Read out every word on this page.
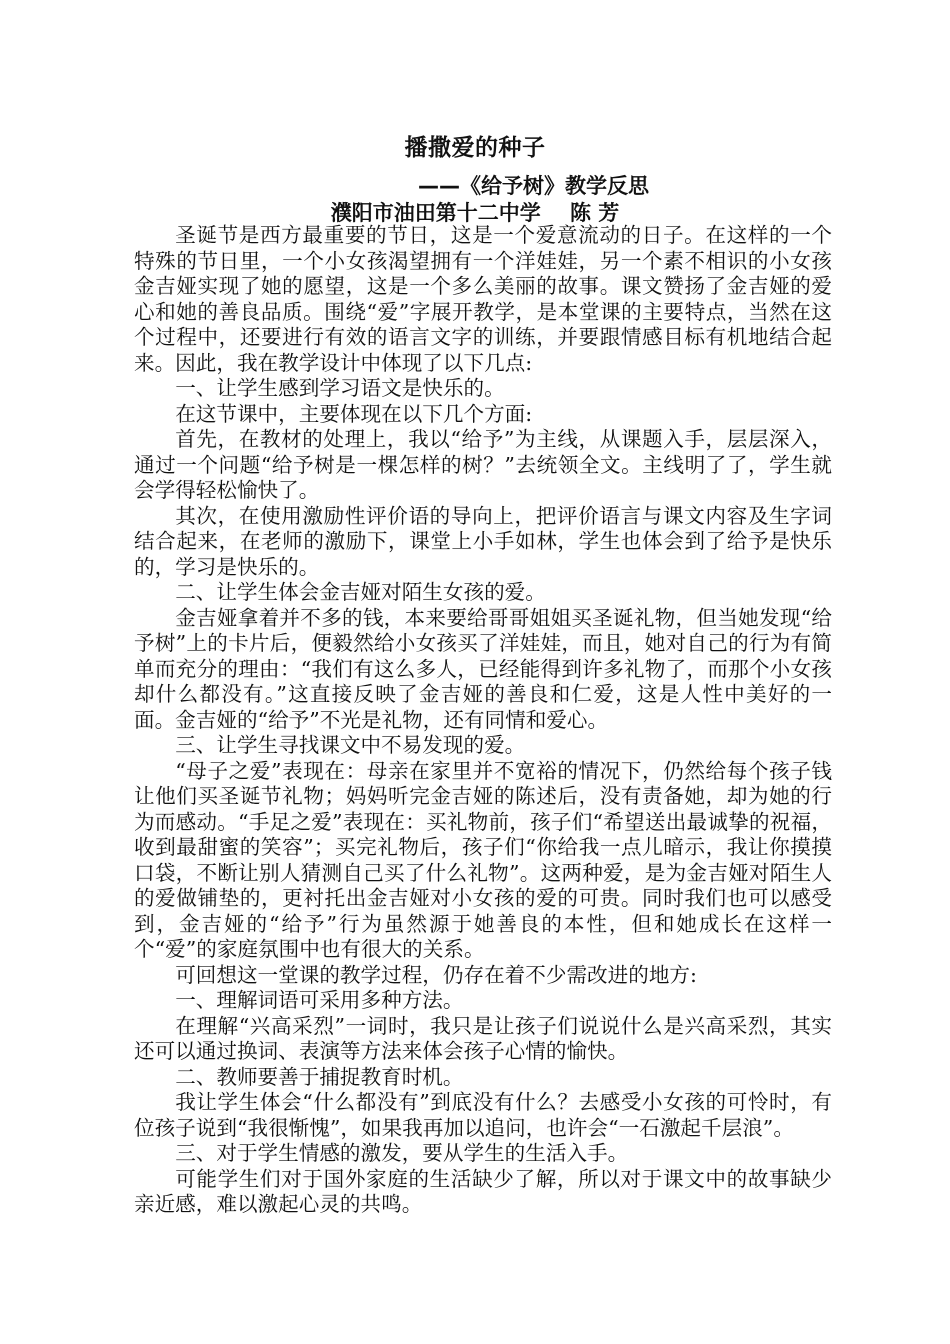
播撒爱的种子
——《给予树》教学反思
濮阳市油田第十二中学    陈 芳

圣诞节是西方最重要的节日，这是一个爱意流动的日子。在这样的一个特殊的节日里，一个小女孩渴望拥有一个洋娃娃，另一个素不相识的小女孩金吉娅实现了她的愿望，这是一个多么美丽的故事。课文赞扬了金吉娅的爱心和她的善良品质。围绕“爱”字展开教学，是本堂课的主要特点，当然在这个过程中，还要进行有效的语言文字的训练，并要跟情感目标有机地结合起来。因此，我在教学设计中体现了以下几点:

一、让学生感到学习语文是快乐的。

在这节课中，主要体现在以下几个方面:

首先，在教材的处理上，我以“给予”为主线，从课题入手，层层深入，通过一个问题“给予树是一棵怎样的树？”去统领全文。主线明了了，学生就会学得轻松愉快了。

其次，在使用激励性评价语的导向上，把评价语言与课文内容及生字词结合起来，在老师的激励下，课堂上小手如林，学生也体会到了给予是快乐的，学习是快乐的。

二、让学生体会金吉娅对陌生女孩的爱。

金吉娅拿着并不多的钱，本来要给哥哥姐姐买圣诞礼物，但当她发现“给予树”上的卡片后，便毅然给小女孩买了洋娃娃，而且，她对自己的行为有简单而充分的理由：“我们有这么多人，已经能得到许多礼物了，而那个小女孩却什么都没有。”这直接反映了金吉娅的善良和仁爱，这是人性中美好的一面。金吉娅的“给予”不光是礼物，还有同情和爱心。

三、让学生寻找课文中不易发现的爱。

“母子之爱”表现在：母亲在家里并不宽裕的情况下，仍然给每个孩子钱让他们买圣诞节礼物；妈妈听完金吉娅的陈述后，没有责备她，却为她的行为而感动。“手足之爱”表现在：买礼物前，孩子们“希望送出最诚挚的祝福，收到最甜蜜的笑容”；买完礼物后，孩子们“你给我一点儿暗示，我让你摸摸口袋，不断让别人猜测自己买了什么礼物”。这两种爱，是为金吉娅对陌生人的爱做铺垫的，更衬托出金吉娅对小女孩的爱的可贵。同时我们也可以感受到，金吉娅的“给予”行为虽然源于她善良的本性，但和她成长在这样一个“爱”的家庭氛围中也有很大的关系。

可回想这一堂课的教学过程，仍存在着不少需改进的地方:

一、理解词语可采用多种方法。

在理解“兴高采烈”一词时，我只是让孩子们说说什么是兴高采烈，其实还可以通过换词、表演等方法来体会孩子心情的愉快。

二、教师要善于捕捉教育时机。

我让学生体会“什么都没有”到底没有什么？去感受小女孩的可怜时，有位孩子说到“我很惭愧”，如果我再加以追问，也许会“一石激起千层浪”。

三、对于学生情感的激发，要从学生的生活入手。

可能学生们对于国外家庭的生活缺少了解，所以对于课文中的故事缺少亲近感，难以激起心灵的共鸣。
